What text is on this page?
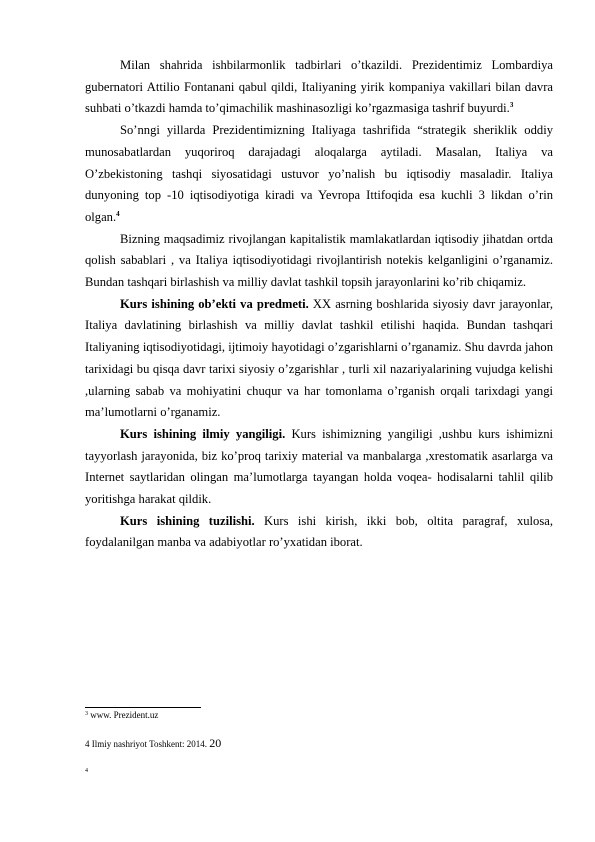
Milan shahrida ishbilarmonlik tadbirlari o’tkazildi. Prezidentimiz Lombardiya gubernatori Attilio Fontanani qabul qildi, Italiyaning yirik kompaniya vakillari bilan davra suhbati o’tkazdi hamda to’qimachilik mashinasozligi ko’rgazmasiga tashrif buyurdi.$^3$

So’nngi yillarda Prezidentimizning Italiyaga tashrifida “strategik sheriklik oddiy munosabatlardan yuqoriroq darajadagi aloqalarga aytiladi. Masalan, Italiya va O’zbekistoning tashqi siyosatidagi ustuvor yo’nalish bu iqtisodiy masaladir. Italiya dunyoning top -10 iqtisodiyotiga kiradi va Yevropa Ittifoqida esa kuchli 3 likdan o’rin olgan.$^4$

Bizning maqsadimiz rivojlangan kapitalistik mamlakatlardan iqtisodiy jihatdan ortda qolish sabablari , va Italiya iqtisodiyotidagi rivojlantirish notekis kelganligini o’rganamiz. Bundan tashqari birlashish va milliy davlat tashkil topsih jarayonlarini ko’rib chiqamiz.

Kurs ishining ob’ekti va predmeti. XX asrning boshlarida siyosiy davr jarayonlar, Italiya davlatining birlashish va milliy davlat tashkil etilishi haqida. Bundan tashqari Italiyaning iqtisodiyotidagi, ijtimoiy hayotidagi o’zgarishlarni o’rganamiz. Shu davrda jahon tarixidagi bu qisqa davr tarixi siyosiy o’zgarishlar , turli xil nazariyalarining vujudga kelishi ,ularning sabab va mohiyatini chuqur va har tomonlama o’rganish orqali tarixdagi yangi ma’lumotlarni o’rganamiz.

Kurs ishining ilmiy yangiligi. Kurs ishimizning yangiligi ,ushbu kurs ishimizni tayyorlash jarayonida, biz ko’proq tarixiy material va manbalarga ,xrestomatik asarlarga va Internet saytlaridan olingan ma’lumotlarga tayangan holda voqea- hodisalarni tahlil qilib yoritishga harakat qildik.

Kurs ishining tuzilishi. Kurs ishi kirish, ikki bob, oltita paragraf, xulosa, foydalanilgan manba va adabiyotlar ro’yxatidan iborat.

$^3$ www. Prezident.uz
4 Ilmiy nashriyot Toshkent: 2014. 20
4
